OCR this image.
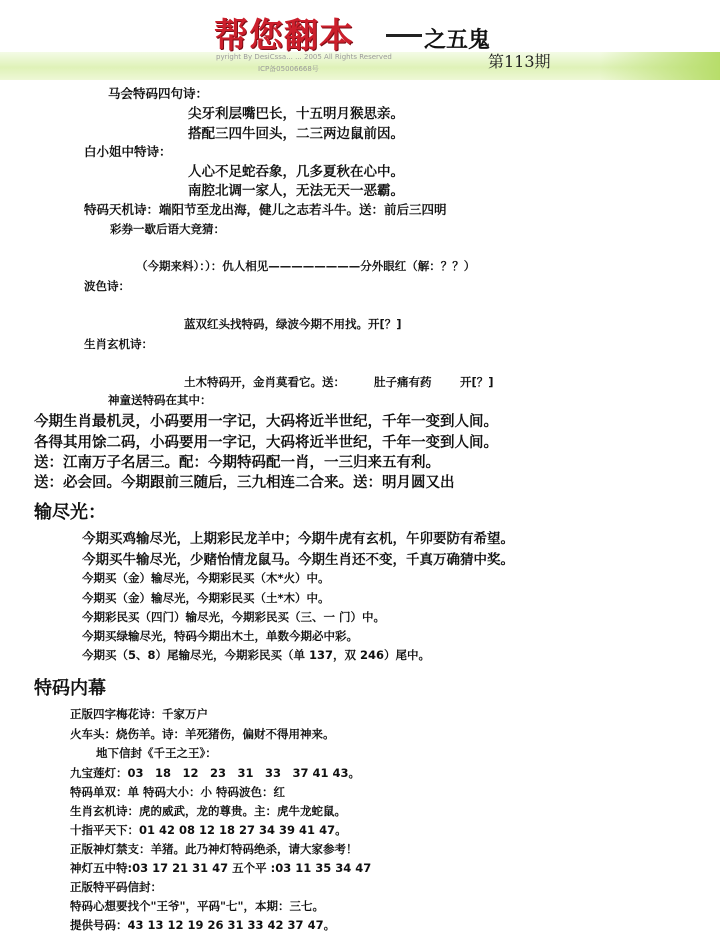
帮您翻本	之五鬼
第113期
pyright By DesiCssa... ... 2005 All Rights Reserved
ICP备05006668号
马会特码四句诗：
尖牙利层嘴巴长，十五明月猴思亲。
搭配三四牛回头，二三两边鼠前因。
白小姐中特诗：
人心不足蛇吞象，几多夏秋在心中。
南腔北调一家人，无法无天一恶霸。
特码天机诗：端阳节至龙出海，健儿之志若斗牛。送：前后三四明
彩券一歇后语大竞猜：
（今期来料）：）：仇人相见————————分外眼红（解：？？）
波色诗：
蓝双红头找特码，绿波今期不用找。开[？]
生肖玄机诗：
土木特码开，金肖莫看它。送：	肚子痛有药 开[？]
神童送特码在其中：
今期生肖最机灵，小码要用一字记，大码将近半世纪，千年一变到人间。
各得其用馀二码，小码要用一字记，大码将近半世纪，千年一变到人间。
送：江南万子名居三。配：今期特码配一肖，一三归来五有利。
送：必会回。今期跟前三随后，三九相连二合来。送：明月圆又出
输尽光：
今期买鸡输尽光，上期彩民龙羊中；今期牛虎有玄机，午卯要防有希望。
今期买牛输尽光，少赌怡情龙鼠马。今期生肖还不变，千真万确猜中奖。
今期买（金）输尽光，今期彩民买（木*火）中。
今期买（金）输尽光，今期彩民买（土*木）中。
今期彩民买（四门）输尽光，今期彩民买（三、一 门）中。
今期买绿输尽光，特码今期出木土，单数今期必中彩。
今期买（5、8）尾输尽光，今期彩民买（单 137，双 246）尾中。
特码内幕
正版四字梅花诗：千家万户
火车头：烧伤羊。诗：羊死猪伤，偏财不得用神来。
地下信封《千王之王》：
九宝莲灯：03　18　12　23　31　33　37 41 43。
特码单双：单 特码大小：小 特码波色：红
生肖玄机诗：虎的威武，龙的尊贵。主：虎牛龙蛇鼠。
十指平天下：01 42 08 12 18 27 34 39 41 47。
正版神灯禁支：羊猪。此乃神灯特码绝杀，请大家参考！
神灯五中特:03 17 21 31 47 五个平 :03 11 35 34 47
正版特平码信封：
特码心想要找个"王爷"，平码"七"，本期：三七。
提供号码：43 13 12 19 26 31 33 42 37 47。
